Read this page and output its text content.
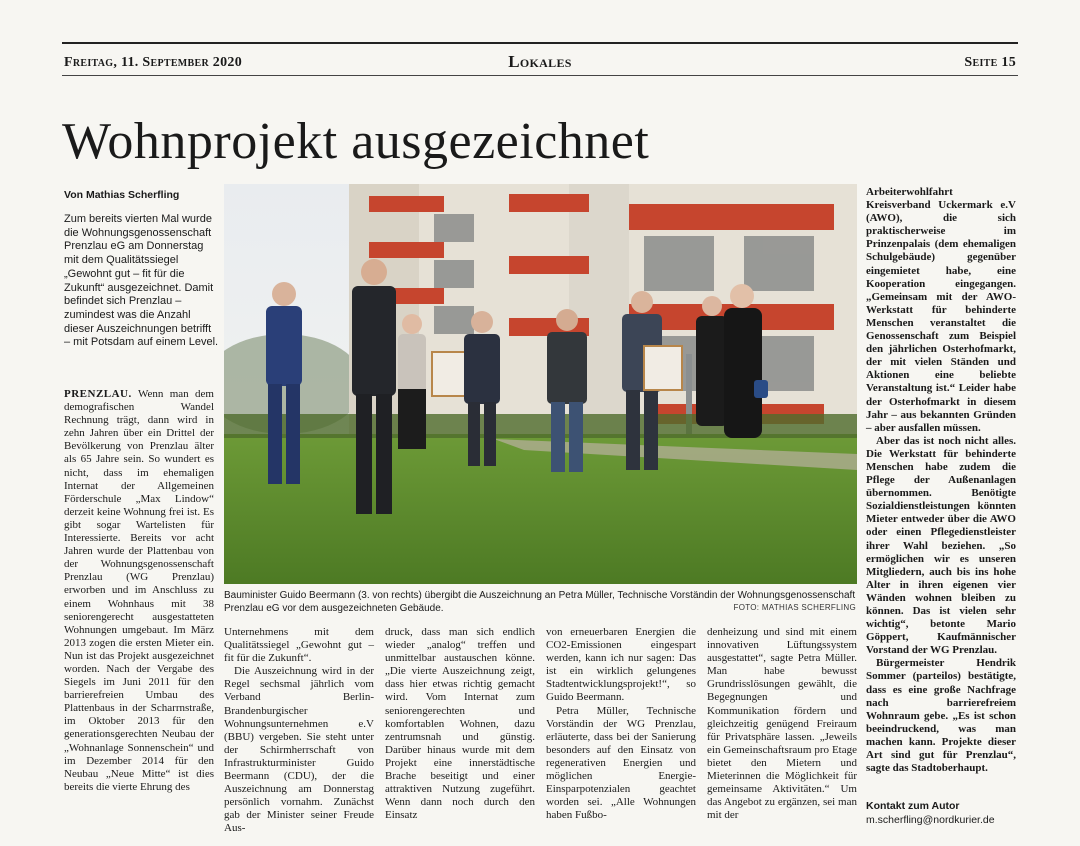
Freitag, 11. September 2020	Lokales	Seite 15
Wohnprojekt ausgezeichnet
Von Mathias Scherfling
Zum bereits vierten Mal wurde die Wohnungsgenossenschaft Prenzlau eG am Donnerstag mit dem Qualitätssiegel „Gewohnt gut – fit für die Zukunft“ ausgezeichnet. Damit befindet sich Prenzlau – zumindest was die Anzahl dieser Auszeichnungen betrifft – mit Potsdam auf einem Level.

PRENZLAU. Wenn man dem demografischen Wandel Rechnung trägt, dann wird in zehn Jahren über ein Drittel der Bevölkerung von Prenzlau älter als 65 Jahre sein. So wundert es nicht, dass im ehemaligen Internat der Allgemeinen Förderschule „Max Lindow“ derzeit keine Wohnung frei ist. Es gibt sogar Wartelisten für Interessierte. Bereits vor acht Jahren wurde der Plattenbau von der Wohnungsgenossenschaft Prenzlau (WG Prenzlau) erworben und im Anschluss zu einem Wohnhaus mit 38 seniorengerecht ausgestatteten Wohnungen umgebaut. Im März 2013 zogen die ersten Mieter ein. Nun ist das Projekt ausgezeichnet worden. Nach der Vergabe des Siegels im Juni 2011 für den barrierefreien Umbau des Plattenbaus in der Scharrnstraße, im Oktober 2013 für den generationsgerechten Neubau der „Wohnanlage Sonnenschein“ und im Dezember 2014 für den Neubau „Neue Mitte“ ist dies bereits die vierte Ehrung des

Unternehmens mit dem Qualitätssiegel „Gewohnt gut – fit für die Zukunft“.

Die Auszeichnung wird in der Regel sechsmal jährlich vom Verband Berlin-Brandenburgischer Wohnungsunternehmen e.V (BBU) vergeben. Sie steht unter der Schirmherrschaft von Infrastrukturminister Guido Beermann (CDU), der die Auszeichnung am Donnerstag persönlich vornahm. Zunächst gab der Minister seiner Freude Aus-

druck, dass man sich endlich wieder „analog“ treffen und unmittelbar austauschen könne. „Die vierte Auszeichnung zeigt, dass hier etwas richtig gemacht wird. Vom Internat zum seniorengerechten und komfortablen Wohnen, dazu zentrumsnah und günstig. Darüber hinaus wurde mit dem Projekt eine innerstädtische Brache beseitigt und einer attraktiven Nutzung zugeführt. Wenn dann noch durch den Einsatz

von erneuerbaren Energien die CO2-Emissionen eingespart werden, kann ich nur sagen: Das ist ein wirklich gelungenes Stadtentwicklungsprojekt!“, so Guido Beermann.

Petra Müller, Technische Vorständin der WG Prenzlau, erläuterte, dass bei der Sanierung besonders auf den Einsatz von regenerativen Energien und möglichen Energie-Einsparpotenzialen geachtet worden sei. „Alle Wohnungen haben Fußbo-

denheizung und sind mit einem innovativen Lüftungssystem ausgestattet“, sagte Petra Müller. Man habe bewusst Grundrisslösungen gewählt, die Begegnungen und Kommunikation fördern und gleichzeitig genügend Freiraum für Privatsphäre lassen. „Jeweils ein Gemeinschaftsraum pro Etage bietet den Mietern und Mieterinnen die Möglichkeit für gemeinsame Aktivitäten.“ Um das Angebot zu ergänzen, sei man mit der

Arbeiterwohlfahrt Kreisverband Uckermark e.V (AWO), die sich praktischerweise im Prinzenpalais (dem ehemaligen Schulgebäude) gegenüber eingemietet habe, eine Kooperation eingegangen. „Gemeinsam mit der AWO-Werkstatt für behinderte Menschen veranstaltet die Genossenschaft zum Beispiel den jährlichen Osterhofmarkt, der mit vielen Ständen und Aktionen eine beliebte Veranstaltung ist.“ Leider habe der Osterhofmarkt in diesem Jahr – aus bekannten Gründen – aber ausfallen müssen.

Aber das ist noch nicht alles. Die Werkstatt für behinderte Menschen habe zudem die Pflege der Außenanlagen übernommen. Benötigte Sozialdienstleistungen könnten Mieter entweder über die AWO oder einen Pflegedienstleister ihrer Wahl beziehen. „So ermöglichen wir es unseren Mitgliedern, auch bis ins hohe Alter in ihren eigenen vier Wänden wohnen bleiben zu können. Das ist vielen sehr wichtig“, betonte Mario Göppert, Kaufmännischer Vorstand der WG Prenzlau.

Bürgermeister Hendrik Sommer (parteilos) bestätigte, dass es eine große Nachfrage nach barrierefreiem Wohnraum gebe. „Es ist schon beeindruckend, was man machen kann. Projekte dieser Art sind gut für Prenzlau“, sagte das Stadtoberhaupt.

Bauminister Guido Beermann (3. von rechts) übergibt die Auszeichnung an Petra Müller, Technische Vorständin der Wohnungsgenossenschaft Prenzlau eG vor dem ausgezeichneten Gebäude.	FOTO: MATHIAS SCHERFLING
Kontakt zum Autor
m.scherfling@nordkurier.de
